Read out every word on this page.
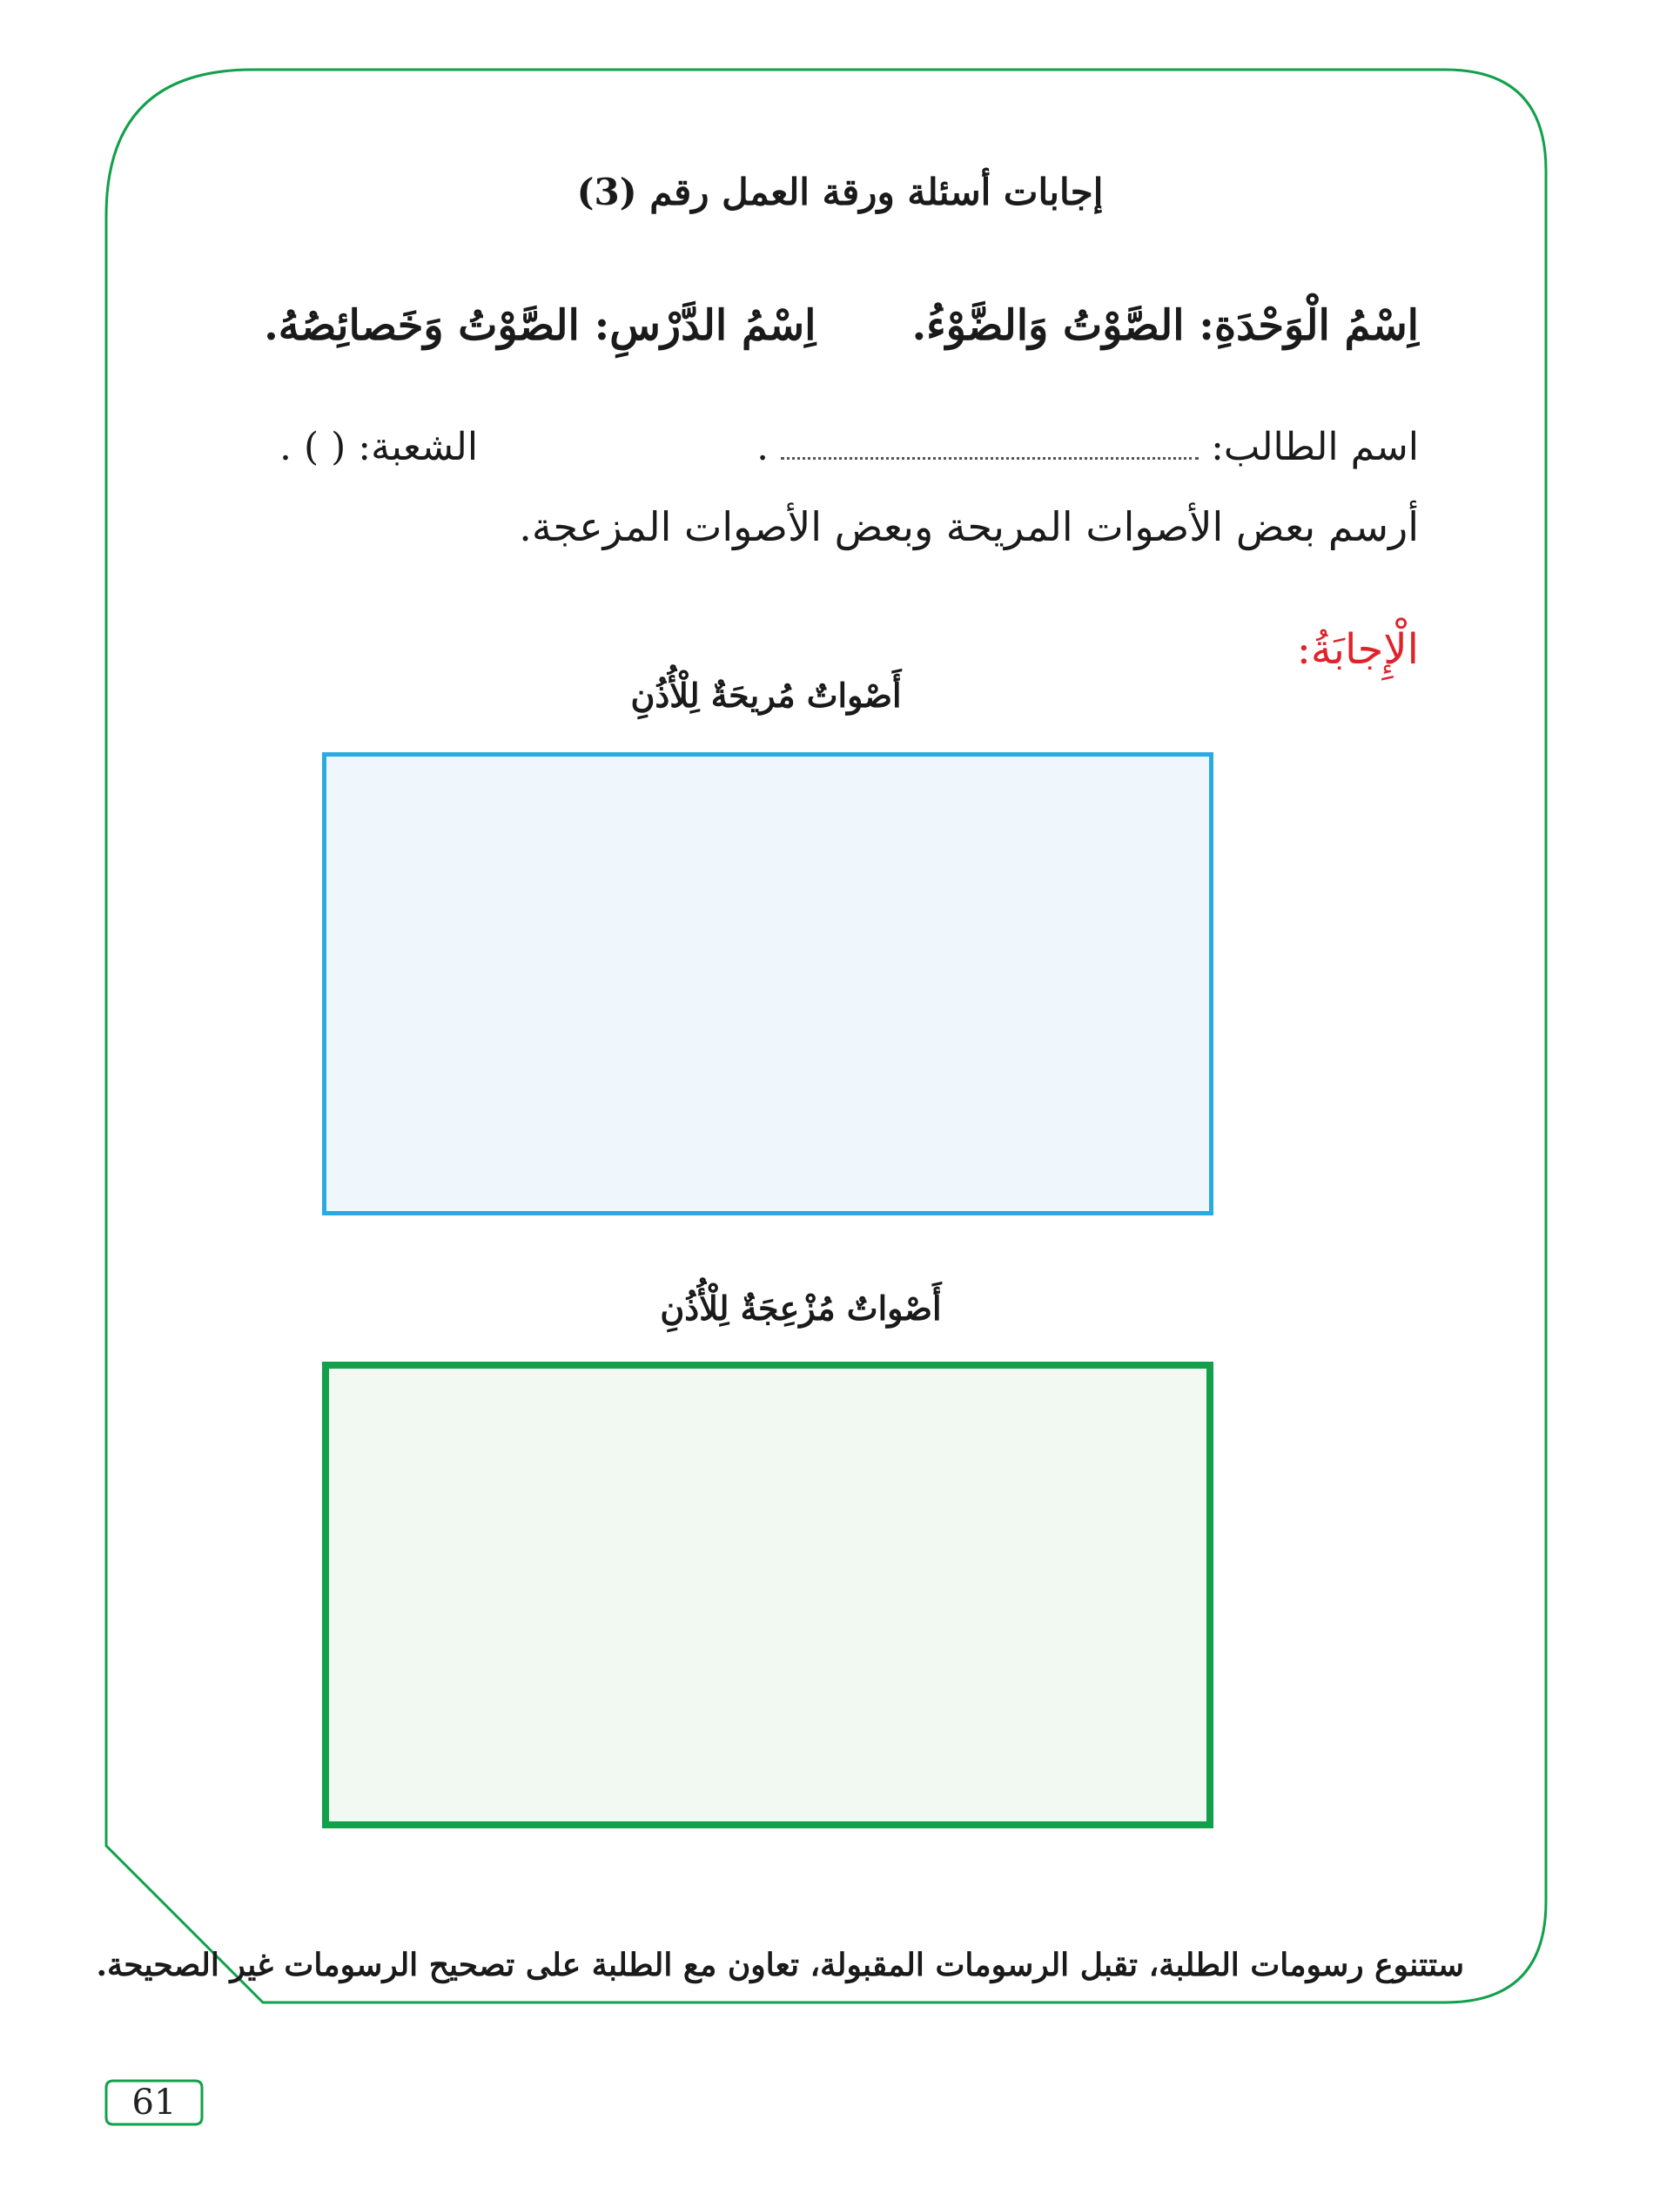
إجابات أسئلة ورقة العمل رقم (3)
اِسْمُ الْوَحْدَةِ: الصَّوْتُ وَالضَّوْءُ.اِسْمُ الدَّرْسِ: الصَّوْتُ وَخَصائِصُهُ.
اسم الطالب:.الشعبة: ( ) .
أرسم بعض الأصوات المريحة وبعض الأصوات المزعجة.
الْإِجابَةُ:
أَصْواتٌ مُريحَةٌ لِلْأُذُنِ
أَصْواتٌ مُزْعِجَةٌ لِلْأُذُنِ
ستتنوع رسومات الطلبة، تقبل الرسومات المقبولة، تعاون مع الطلبة على تصحيح الرسومات غير الصحيحة.
61
